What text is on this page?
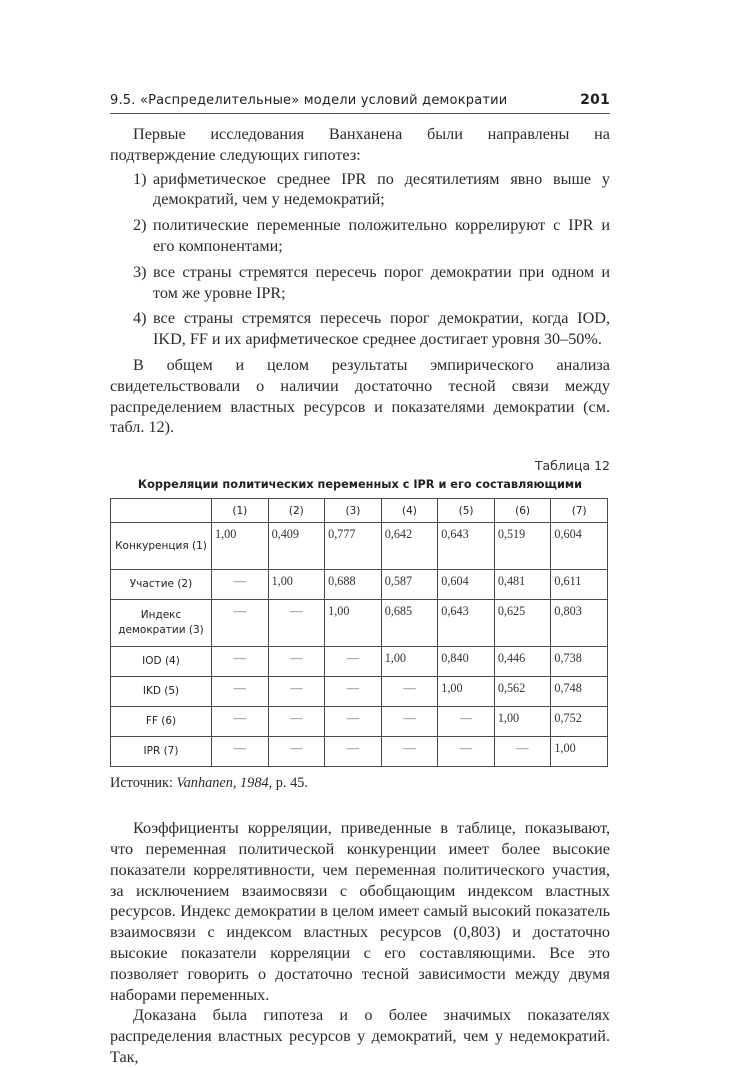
9.5. «Распределительные» модели условий демократии	201

Первые исследования Ванханена были направлены на подтверждение следующих гипотез:

1) арифметическое среднее IPR по десятилетиям явно выше у демократий, чем у недемократий;
2) политические переменные положительно коррелируют с IPR и его компонентами;
3) все страны стремятся пересечь порог демократии при одном и том же уровне IPR;
4) все страны стремятся пересечь порог демократии, когда IOD, IKD, FF и их арифметическое среднее достигает уровня 30–50%.

В общем и целом результаты эмпирического анализа свидетельствовали о наличии достаточно тесной связи между распределением властных ресурсов и показателями демократии (см. табл. 12).

Таблица 12
Корреляции политических переменных с IPR и его составляющими
	(1)	(2)	(3)	(4)	(5)	(6)	(7)
Конкуренция (1)	1,00	0,409	0,777	0,642	0,643	0,519	0,604
Участие (2)	—	1,00	0,688	0,587	0,604	0,481	0,611
Индекс демократии (3)	—	—	1,00	0,685	0,643	0,625	0,803
IOD (4)	—	—	—	1,00	0,840	0,446	0,738
IKD (5)	—	—	—	—	1,00	0,562	0,748
FF (6)	—	—	—	—	—	1,00	0,752
IPR (7)	—	—	—	—	—	—	1,00
Источник: Vanhanen, 1984, p. 45.

Коэффициенты корреляции, приведенные в таблице, показывают, что переменная политической конкуренции имеет более высокие показатели коррелятивности, чем переменная политического участия, за исключением взаимосвязи с обобщающим индексом властных ресурсов. Индекс демократии в целом имеет самый высокий показатель взаимосвязи с индексом властных ресурсов (0,803) и достаточно высокие показатели корреляции с его составляющими. Все это позволяет говорить о достаточно тесной зависимости между двумя наборами переменных.

Доказана была гипотеза и о более значимых показателях распределения властных ресурсов у демократий, чем у недемократий. Так,
